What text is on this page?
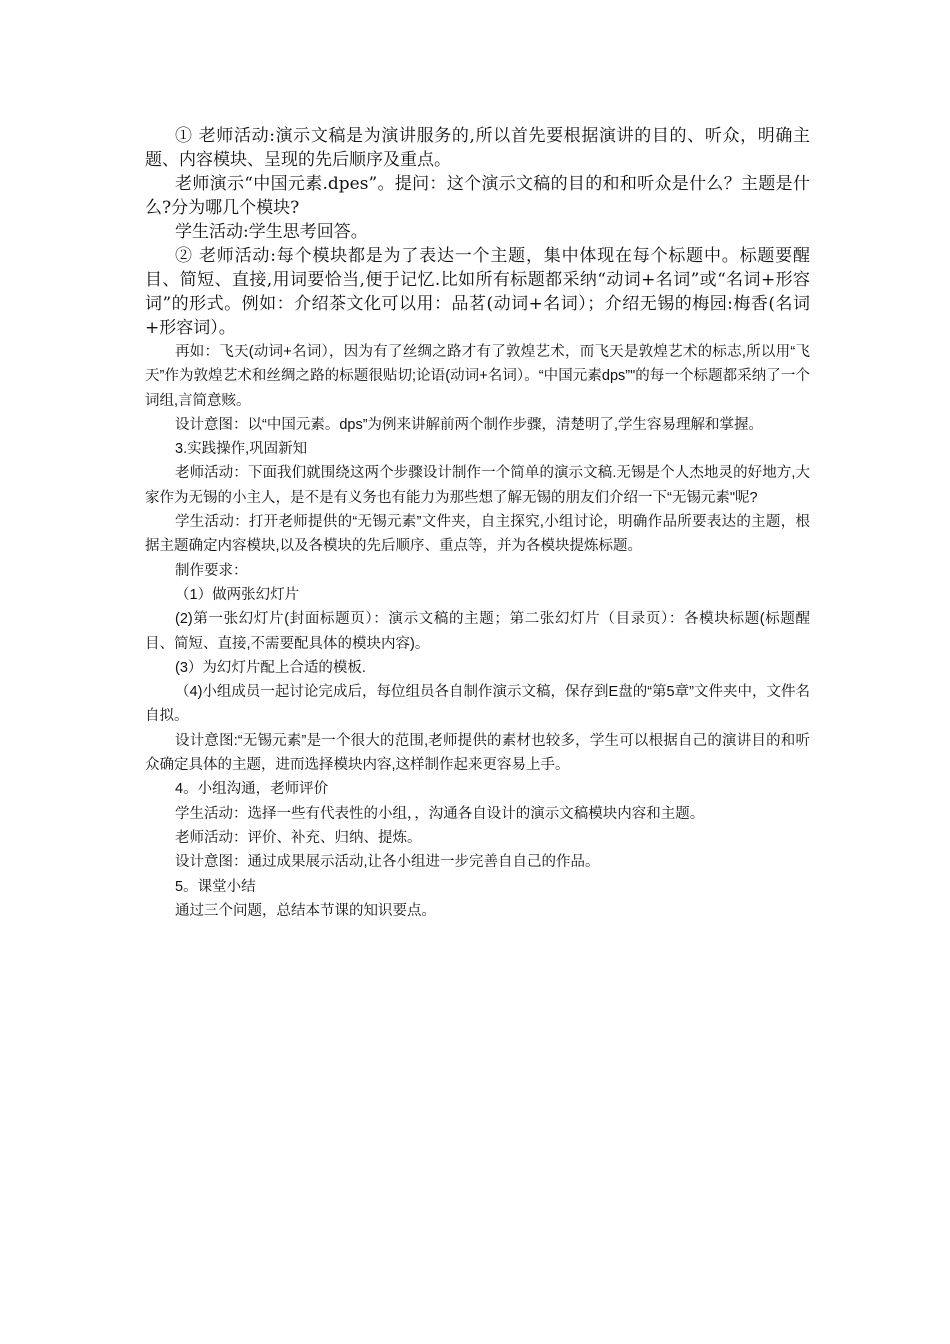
① 老师活动:演示文稿是为演讲服务的,所以首先要根据演讲的目的、听众，明确主题、内容模块、呈现的先后顺序及重点。

老师演示“中国元素.dpes”。提问：这个演示文稿的目的和和听众是什么？主题是什么?分为哪几个模块?

学生活动:学生思考回答。

② 老师活动:每个模块都是为了表达一个主题，集中体现在每个标题中。标题要醒目、简短、直接,用词要恰当,便于记忆.比如所有标题都采纳“动词+名词”或“名词+形容词”的形式。例如：介绍茶文化可以用：品茗(动词+名词）；介绍无锡的梅园:梅香(名词+形容词）。

再如：飞天(动词+名词），因为有了丝绸之路才有了敦煌艺术，而飞天是敦煌艺术的标志,所以用“飞天”作为敦煌艺术和丝绸之路的标题很贴切;论语(动词+名词）。“中国元素dps”"的每一个标题都采纳了一个词组,言简意赅。

设计意图：以“中国元素。dps”为例来讲解前两个制作步骤，清楚明了,学生容易理解和掌握。

3.实践操作,巩固新知

老师活动：下面我们就围绕这两个步骤设计制作一个简单的演示文稿.无锡是个人杰地灵的好地方,大家作为无锡的小主人，是不是有义务也有能力为那些想了解无锡的朋友们介绍一下“无锡元素"呢?

学生活动：打开老师提供的“无锡元素”文件夹，自主探究,小组讨论，明确作品所要表达的主题，根据主题确定内容模块,以及各模块的先后顺序、重点等，并为各模块提炼标题。

制作要求：

（1）做两张幻灯片

(2)第一张幻灯片(封面标题页）：演示文稿的主题；第二张幻灯片（目录页）：各模块标题(标题醒目、简短、直接,不需要配具体的模块内容)。

(3）为幻灯片配上合适的模板.

（4)小组成员一起讨论完成后，每位组员各自制作演示文稿，保存到E盘的“第5章”文件夹中，文件名自拟。

设计意图:“无锡元素”是一个很大的范围,老师提供的素材也较多，学生可以根据自己的演讲目的和听众确定具体的主题，进而选择模块内容,这样制作起来更容易上手。

4。小组沟通，老师评价

学生活动：选择一些有代表性的小组，，沟通各自设计的演示文稿模块内容和主题。

老师活动：评价、补充、归纳、提炼。

设计意图：通过成果展示活动,让各小组进一步完善自自己的作品。

5。课堂小结

通过三个问题，总结本节课的知识要点。
